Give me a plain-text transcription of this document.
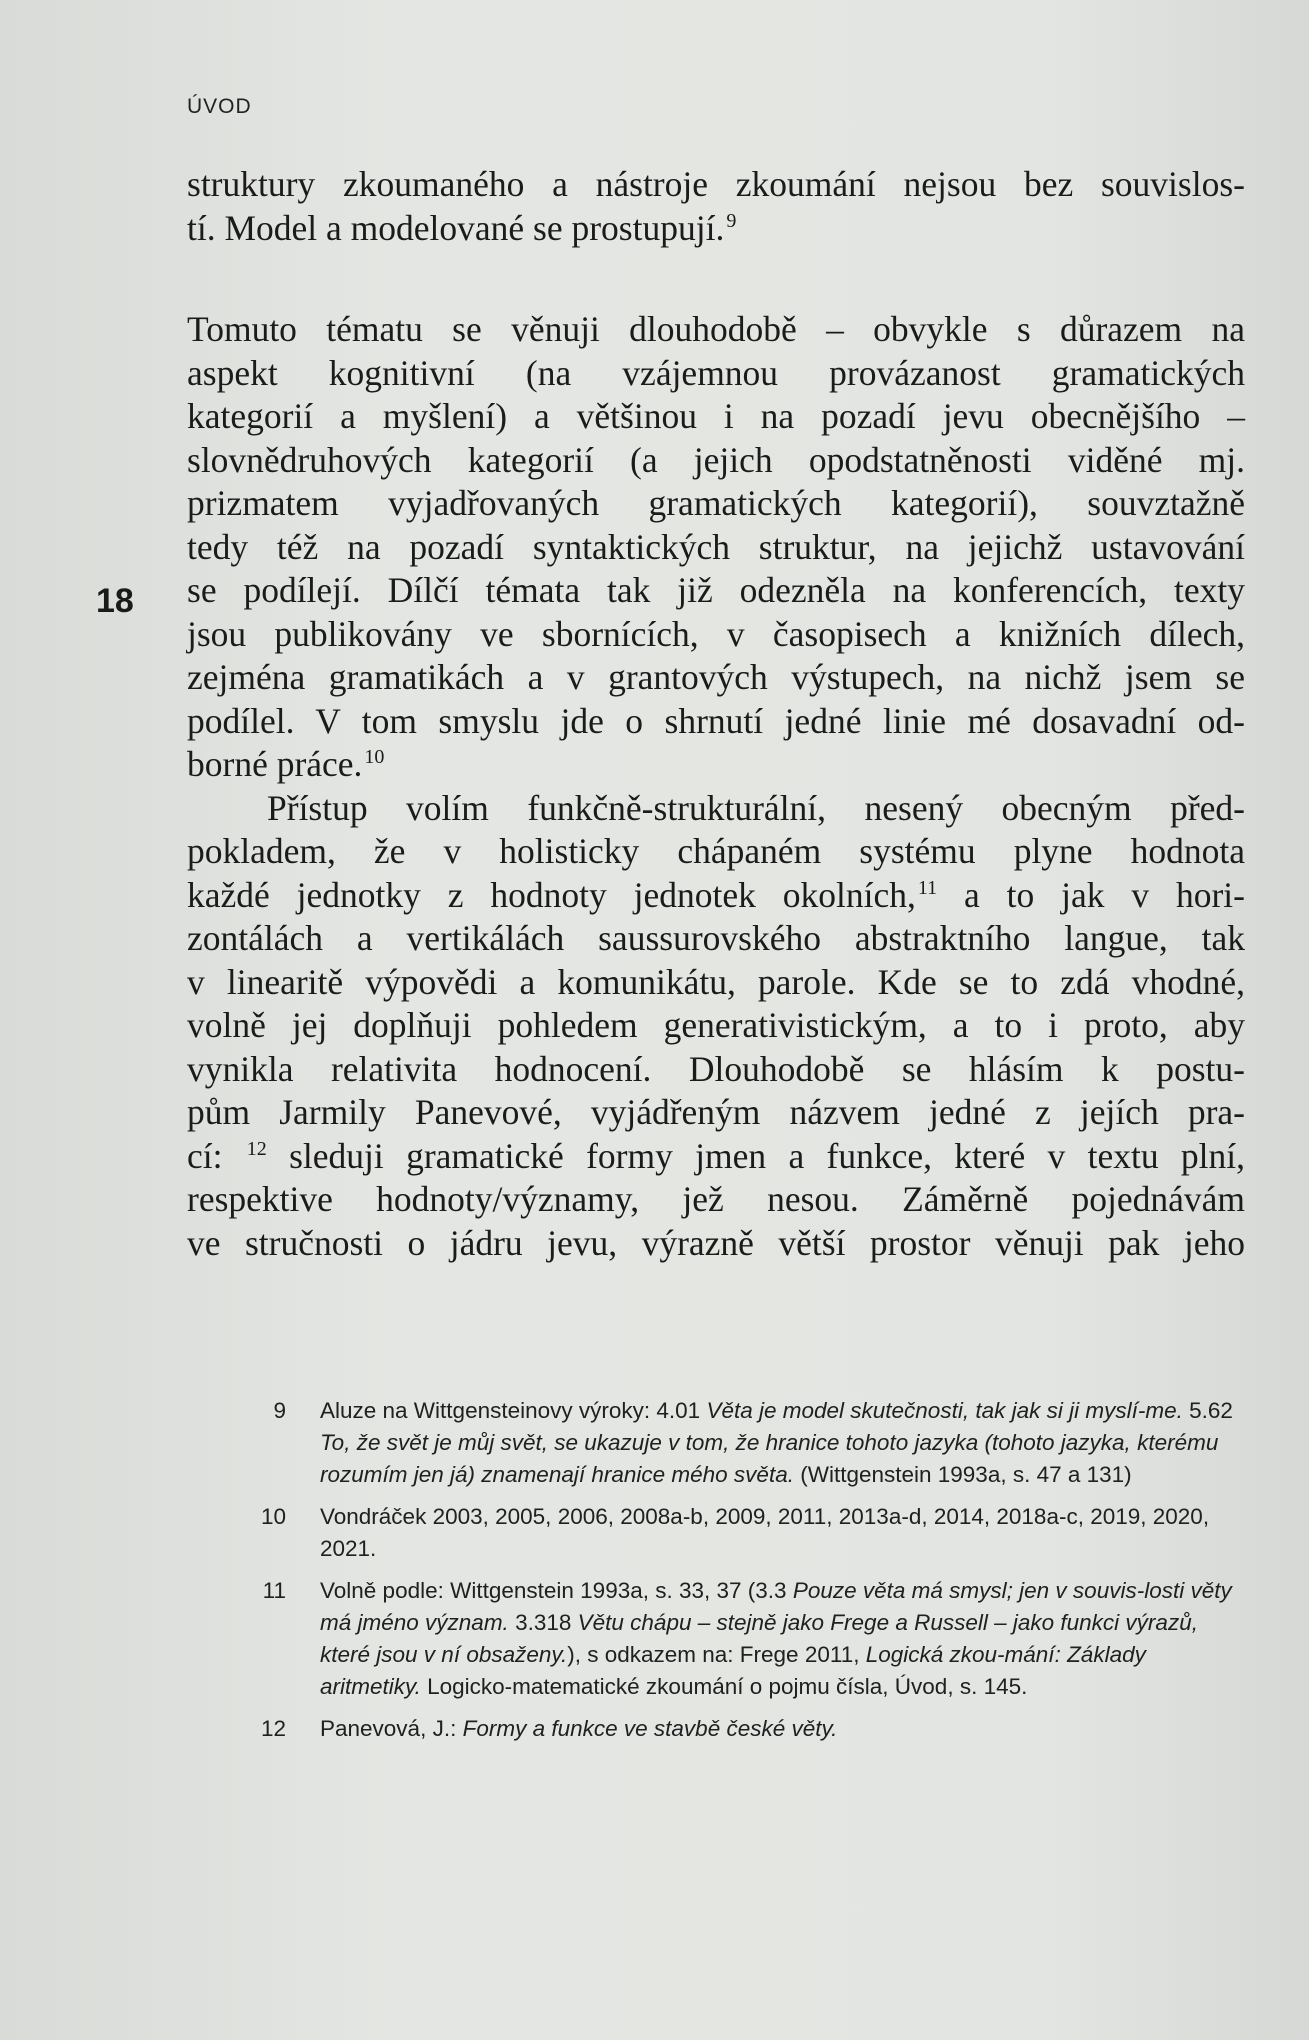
ÚVOD
18
struktury zkoumaného a nástroje zkoumání nejsou bez souvislos-
tí. Model a modelované se prostupují. $^9$
Tomuto tématu se věnuji dlouhodobě – obvykle s důrazem na
aspekt kognitivní (na vzájemnou provázanost gramatických
kategorií a myšlení) a většinou i na pozadí jevu obecnějšího –
slovnědruhových kategorií (a jejich opodstatněnosti viděné mj.
prizmatem vyjadřovaných gramatických kategorií), souvztažně
tedy též na pozadí syntaktických struktur, na jejichž ustavování
se podílejí. Dílčí témata tak již odezněla na konferencích, texty
jsou publikovány ve sbornících, v časopisech a knižních dílech,
zejména gramatikách a v grantových výstupech, na nichž jsem se
podílel. V tom smyslu jde o shrnutí jedné linie mé dosavadní od-
borné práce. $^{10}$
Přístup volím funkčně-strukturální, nesený obecným před-
pokladem, že v holisticky chápaném systému plyne hodnota
každé jednotky z hodnoty jednotek okolních, $^{11}$ a to jak v hori-
zontálách a vertikálách saussurovského abstraktního langue, tak
v linearitě výpovědi a komunikátu, parole. Kde se to zdá vhodné,
volně jej doplňuji pohledem generativistickým, a to i proto, aby
vynikla relativita hodnocení. Dlouhodobě se hlásím k postu-
pům Jarmily Panevové, vyjádřeným názvem jedné z jejích pra-
cí: $^{12}$ sleduji gramatické formy jmen a funkce, které v textu plní,
respektive hodnoty/významy, jež nesou. Záměrně pojednávám
ve stručnosti o jádru jevu, výrazně větší prostor věnuji pak jeho
9 Aluze na Wittgensteinovy výroky: 4.01 Věta je model skutečnosti, tak jak si ji myslí-me. 5.62 To, že svět je můj svět, se ukazuje v tom, že hranice tohoto jazyka (tohoto jazyka, kterému rozumím jen já) znamenají hranice mého světa. (Wittgenstein 1993a, s. 47 a 131)
10 Vondráček 2003, 2005, 2006, 2008a-b, 2009, 2011, 2013a-d, 2014, 2018a-c, 2019, 2020, 2021.
11 Volně podle: Wittgenstein 1993a, s. 33, 37 (3.3 Pouze věta má smysl; jen v souvis-losti věty má jméno význam. 3.318 Větu chápu – stejně jako Frege a Russell – jako funkci výrazů, které jsou v ní obsaženy.), s odkazem na: Frege 2011, Logická zkou-mání: Základy aritmetiky. Logicko-matematické zkoumání o pojmu čísla, Úvod, s. 145.
12 Panevová, J.: Formy a funkce ve stavbě české věty.
